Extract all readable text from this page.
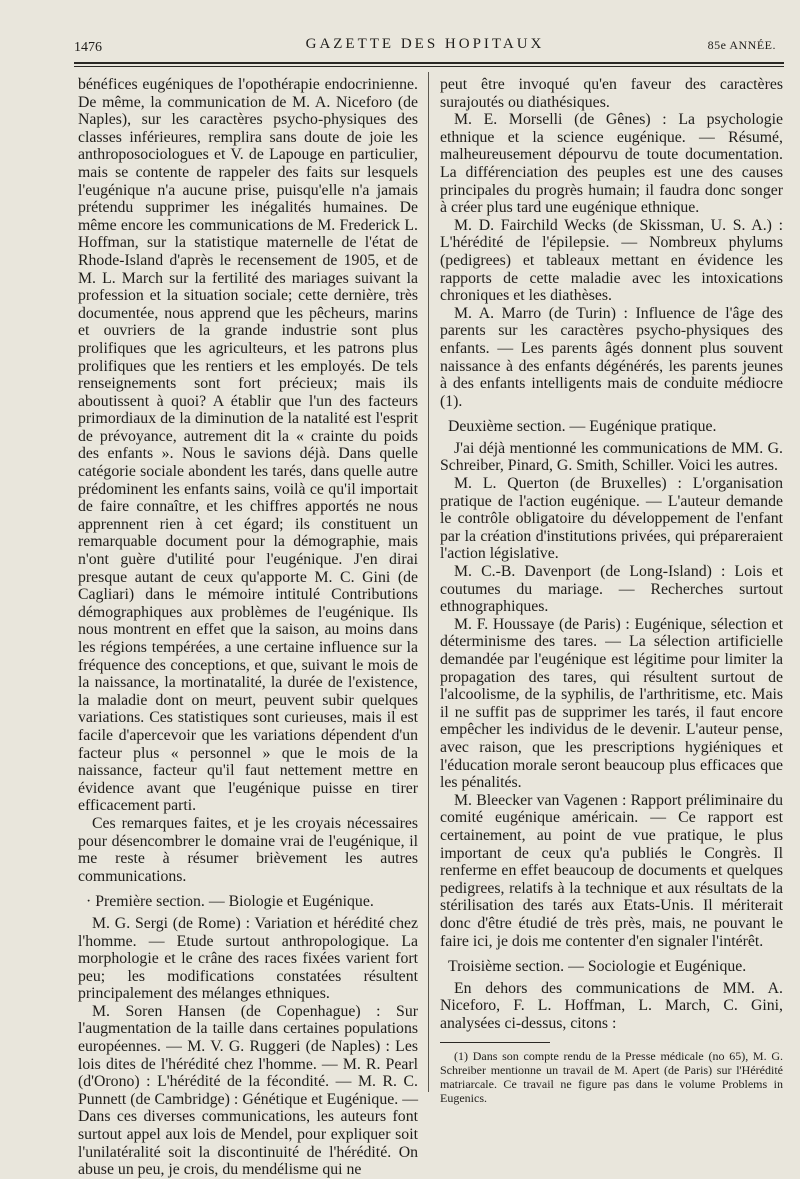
1476	GAZETTE DES HOPITAUX	85e ANNÉE.

bénéfices eugéniques de l'opothérapie endocrinienne. De même, la communication de M. A. Niceforo (de Naples), sur les caractères psycho-physiques des classes inférieures, remplira sans doute de joie les anthroposociologues et V. de Lapouge en particulier, mais se contente de rappeler des faits sur lesquels l'eugénique n'a aucune prise, puisqu'elle n'a jamais prétendu supprimer les inégalités humaines. De même encore les communications de M. Frederick L. Hoffman, sur la statistique maternelle de l'état de Rhode-Island d'après le recensement de 1905, et de M. L. March sur la fertilité des mariages suivant la profession et la situation sociale; cette dernière, très documentée, nous apprend que les pêcheurs, marins et ouvriers de la grande industrie sont plus prolifiques que les agriculteurs, et les patrons plus prolifiques que les rentiers et les employés. De tels renseignements sont fort précieux; mais ils aboutissent à quoi? A établir que l'un des facteurs primordiaux de la diminution de la natalité est l'esprit de prévoyance, autrement dit la « crainte du poids des enfants ». Nous le savions déjà. Dans quelle catégorie sociale abondent les tarés, dans quelle autre prédominent les enfants sains, voilà ce qu'il importait de faire connaître, et les chiffres apportés ne nous apprennent rien à cet égard; ils constituent un remarquable document pour la démographie, mais n'ont guère d'utilité pour l'eugénique. J'en dirai presque autant de ceux qu'apporte M. C. Gini (de Cagliari) dans le mémoire intitulé Contributions démographiques aux problèmes de l'eugénique. Ils nous montrent en effet que la saison, au moins dans les régions tempérées, a une certaine influence sur la fréquence des conceptions, et que, suivant le mois de la naissance, la mortinatalité, la durée de l'existence, la maladie dont on meurt, peuvent subir quelques variations. Ces statistiques sont curieuses, mais il est facile d'apercevoir que les variations dépendent d'un facteur plus « personnel » que le mois de la naissance, facteur qu'il faut nettement mettre en évidence avant que l'eugénique puisse en tirer efficacement parti.

Ces remarques faites, et je les croyais nécessaires pour désencombrer le domaine vrai de l'eugénique, il me reste à résumer brièvement les autres communications.

· Première section. — Biologie et Eugénique.

M. G. Sergi (de Rome) : Variation et hérédité chez l'homme. — Etude surtout anthropologique. La morphologie et le crâne des races fixées varient fort peu; les modifications constatées résultent principalement des mélanges ethniques.

M. Soren Hansen (de Copenhague) : Sur l'augmentation de la taille dans certaines populations européennes. — M. V. G. Ruggeri (de Naples) : Les lois dites de l'hérédité chez l'homme. — M. R. Pearl (d'Orono) : L'hérédité de la fécondité. — M. R. C. Punnett (de Cambridge) : Génétique et Eugénique. — Dans ces diverses communications, les auteurs font surtout appel aux lois de Mendel, pour expliquer soit l'unilatéralité soit la discontinuité de l'hérédité. On abuse un peu, je crois, du mendélisme qui ne

peut être invoqué qu'en faveur des caractères surajoutés ou diathésiques.

M. E. Morselli (de Gênes) : La psychologie ethnique et la science eugénique. — Résumé, malheureusement dépourvu de toute documentation. La différenciation des peuples est une des causes principales du progrès humain; il faudra donc songer à créer plus tard une eugénique ethnique.

M. D. Fairchild Wecks (de Skissman, U. S. A.) : L'hérédité de l'épilepsie. — Nombreux phylums (pedigrees) et tableaux mettant en évidence les rapports de cette maladie avec les intoxications chroniques et les diathèses.

M. A. Marro (de Turin) : Influence de l'âge des parents sur les caractères psycho-physiques des enfants. — Les parents âgés donnent plus souvent naissance à des enfants dégénérés, les parents jeunes à des enfants intelligents mais de conduite médiocre (1).

Deuxième section. — Eugénique pratique.

J'ai déjà mentionné les communications de MM. G. Schreiber, Pinard, G. Smith, Schiller. Voici les autres.

M. L. Querton (de Bruxelles) : L'organisation pratique de l'action eugénique. — L'auteur demande le contrôle obligatoire du développement de l'enfant par la création d'institutions privées, qui prépareraient l'action législative.

M. C.-B. Davenport (de Long-Island) : Lois et coutumes du mariage. — Recherches surtout ethnographiques.

M. F. Houssaye (de Paris) : Eugénique, sélection et déterminisme des tares. — La sélection artificielle demandée par l'eugénique est légitime pour limiter la propagation des tares, qui résultent surtout de l'alcoolisme, de la syphilis, de l'arthritisme, etc. Mais il ne suffit pas de supprimer les tarés, il faut encore empêcher les individus de le devenir. L'auteur pense, avec raison, que les prescriptions hygiéniques et l'éducation morale seront beaucoup plus efficaces que les pénalités.

M. Bleecker van Vagenen : Rapport préliminaire du comité eugénique américain. — Ce rapport est certainement, au point de vue pratique, le plus important de ceux qu'a publiés le Congrès. Il renferme en effet beaucoup de documents et quelques pedigrees, relatifs à la technique et aux résultats de la stérilisation des tarés aux Etats-Unis. Il mériterait donc d'être étudié de très près, mais, ne pouvant le faire ici, je dois me contenter d'en signaler l'intérêt.

Troisième section. — Sociologie et Eugénique.

En dehors des communications de MM. A. Niceforo, F. L. Hoffman, L. March, C. Gini, analysées ci-dessus, citons :

(1) Dans son compte rendu de la Presse médicale (no 65), M. G. Schreiber mentionne un travail de M. Apert (de Paris) sur l'Hérédité matriarcale. Ce travail ne figure pas dans le volume Problems in Eugenics.
